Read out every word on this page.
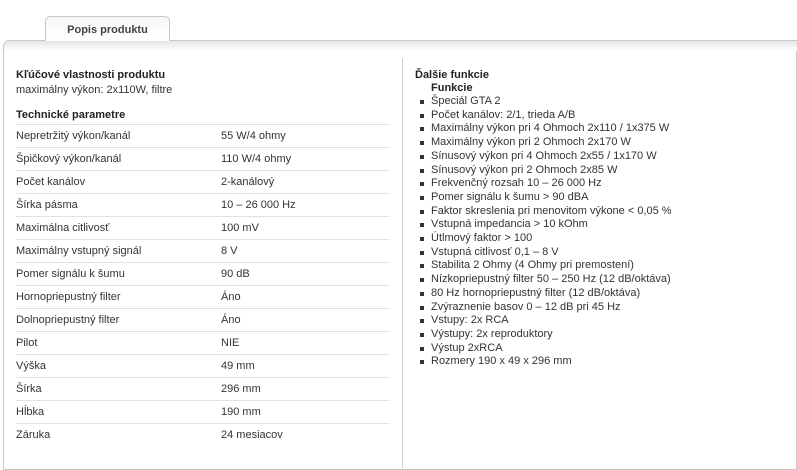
Popis produktu
Kľúčové vlastnosti produktu
maximálny výkon: 2x110W, filtre
Technické parametre
Nepretržitý výkon/kanál	55 W/4 ohmy
Špičkový výkon/kanál	110 W/4 ohmy
Počet kanálov	2-kanálový
Šírka pásma	10 – 26 000 Hz
Maximálna citlivosť	100 mV
Maximálny vstupný signál	8 V
Pomer signálu k šumu	90 dB
Hornopriepustný filter	Áno
Dolnopriepustný filter	Áno
Pilot	NIE
Výška	49 mm
Šírka	296 mm
Hĺbka	190 mm
Záruka	24 mesiacov
Ďalšie funkcie
Funkcie
Špeciál GTA 2
Počet kanálov: 2/1, trieda A/B
Maximálny výkon pri 4 Ohmoch 2x110 / 1x375 W
Maximálny výkon pri 2 Ohmoch 2x170 W
Sínusový výkon pri 4 Ohmoch 2x55 / 1x170 W
Sínusový výkon pri 2 Ohmoch 2x85 W
Frekvenčný rozsah 10 – 26 000 Hz
Pomer signálu k šumu > 90 dBA
Faktor skreslenia pri menovitom výkone < 0,05 %
Vstupná impedancia > 10 kOhm
Útlmový faktor > 100
Vstupná citlivosť 0,1 – 8 V
Stabilita 2 Ohmy (4 Ohmy pri premostení)
Nízkopriepustný filter 50 – 250 Hz (12 dB/oktáva)
80 Hz hornopriepustný filter (12 dB/oktáva)
Zvýraznenie basov 0 – 12 dB pri 45 Hz
Vstupy: 2x RCA
Výstupy: 2x reproduktory
Výstup 2xRCA
Rozmery 190 x 49 x 296 mm
